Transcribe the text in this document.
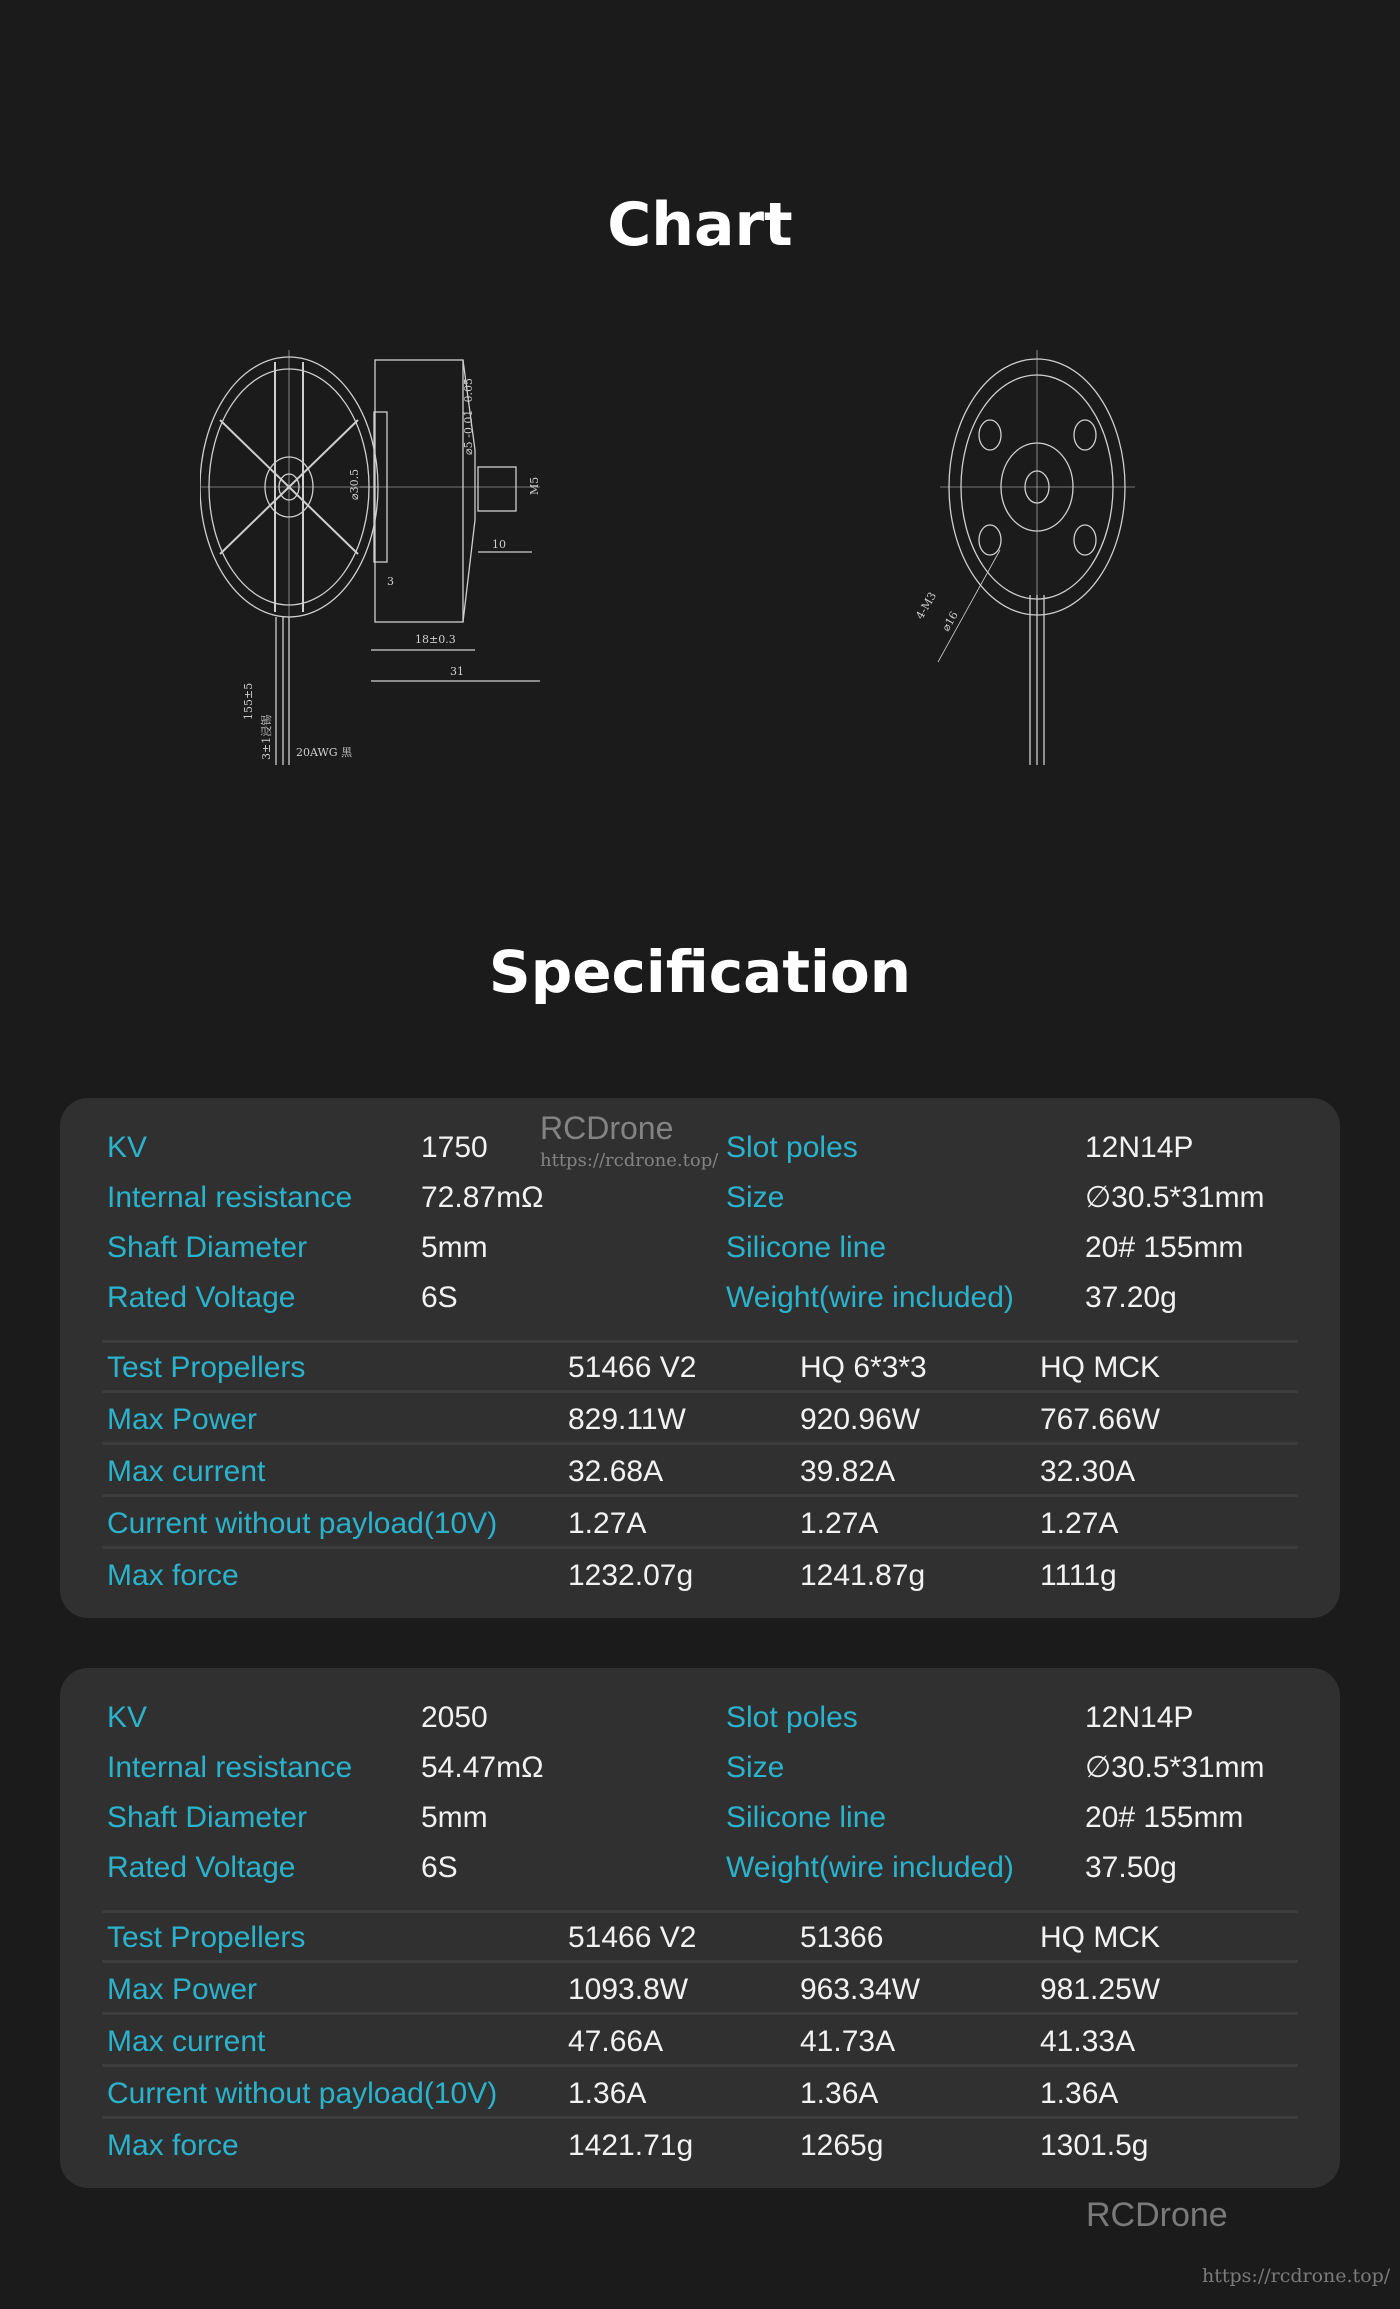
Chart
⌀30.5
⌀5 -0.01 -0.05
M5
10
3
18±0.3
31
155±5
3±1浸锡 20AWG 黑
4-M3 ⌀16
Specification
KV	1750	Slot poles	12N14P
Internal resistance 72.87mΩ	Size	∅30.5*31mm
Shaft Diameter	5mm	Silicone line	20# 155mm
Rated Voltage	6S	Weight(wire included) 37.20g
Test Propellers	51466 V2	HQ 6*3*3	HQ MCK
Max Power	829.11W	920.96W	767.66W
Max current	32.68A	39.82A	32.30A
Current without payload(10V) 1.27A	1.27A	1.27A
Max force	1232.07g	1241.87g	1111g
KV	2050	Slot poles	12N14P
Internal resistance 54.47mΩ	Size	∅30.5*31mm
Shaft Diameter	5mm	Silicone line	20# 155mm
Rated Voltage	6S	Weight(wire included) 37.50g
Test Propellers	51466 V2	51366	HQ MCK
Max Power	1093.8W	963.34W	981.25W
Max current	47.66A	41.73A	41.33A
Current without payload(10V) 1.36A	1.36A	1.36A
Max force	1421.71g	1265g	1301.5g
RCDrone
https://rcdrone.top/
RCDrone
https://rcdrone.top/
